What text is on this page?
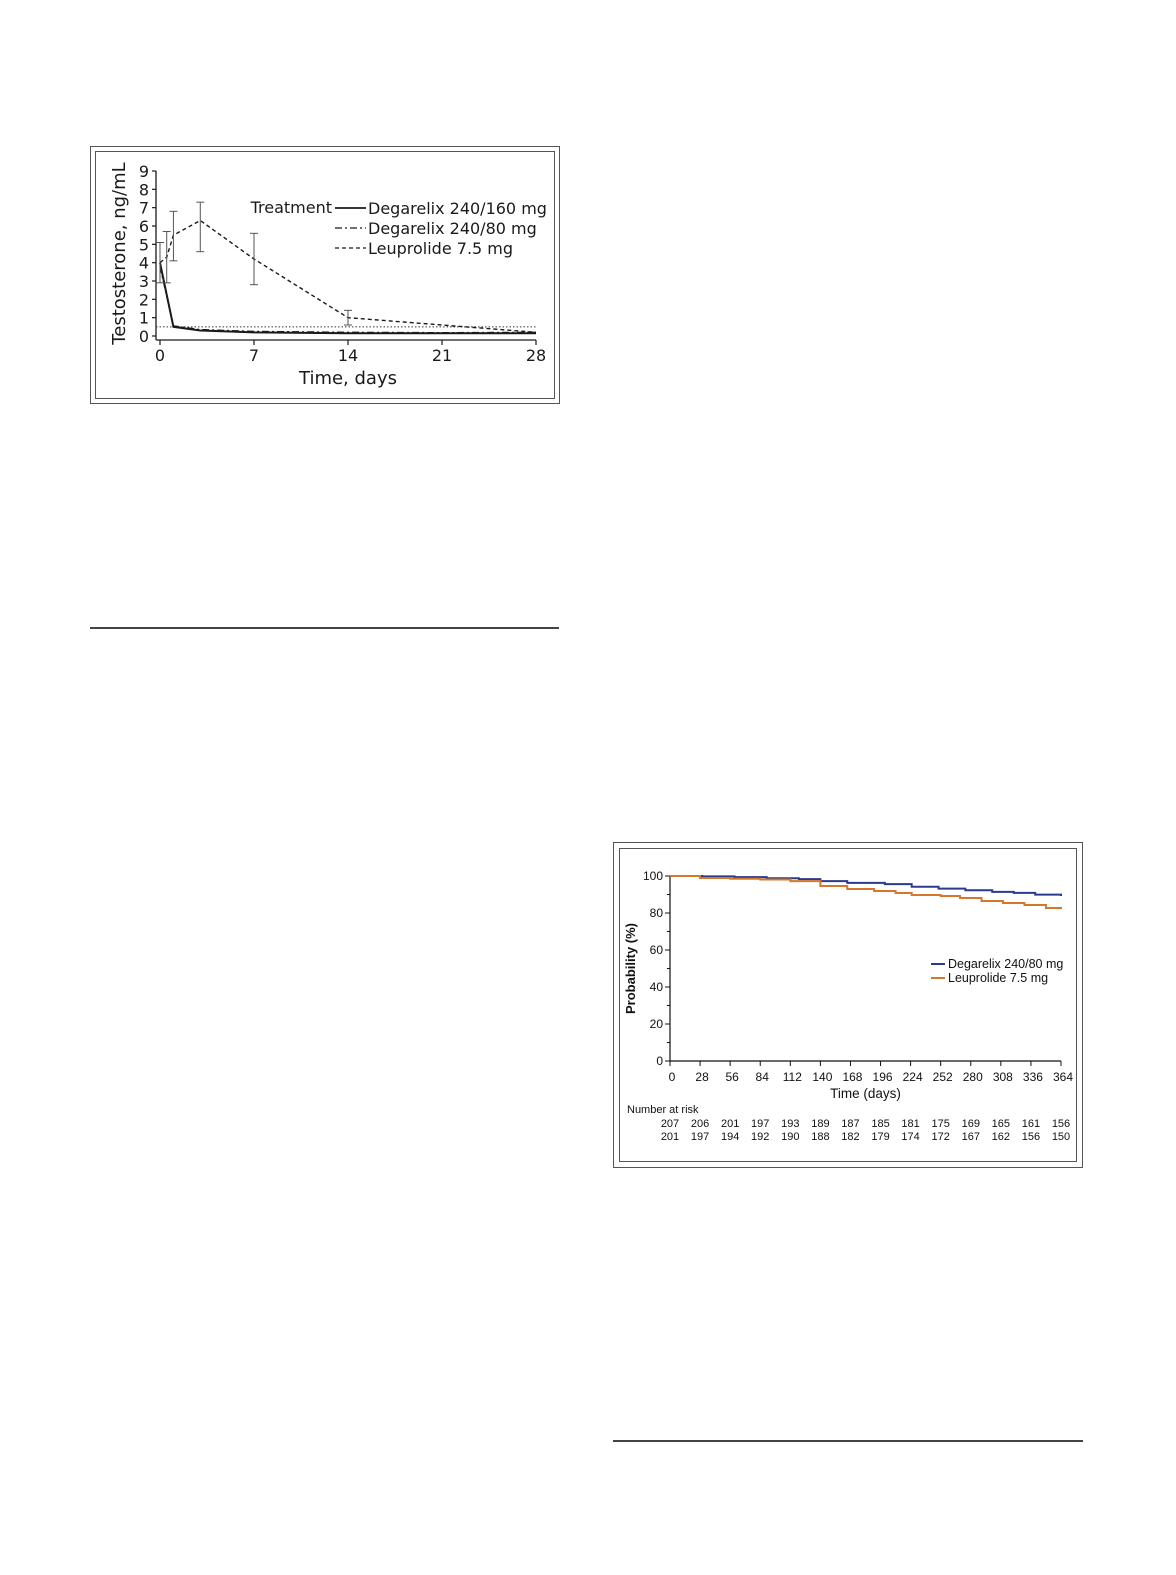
0
1
2
3
4
5
6
7
8
9
0	7	14	21	28
Time, days
Testosterone, ng/mL	Treatment Degarelix 240/160 mg
Degarelix 240/80 mg
Leuprolide 7.5 mg
0
20
40
60
80
100
0 28 56 84 112 140 168 196 224 252 280 308 336 364
Time (days)
Probability (%)	Degarelix 240/80 mg
Leuprolide 7.5 mg
Number at risk
207 206 201 197 193 189 187 185 181 175 169 165 161 156
201 197 194 192 190 188 182 179 174 172 167 162 156 150
